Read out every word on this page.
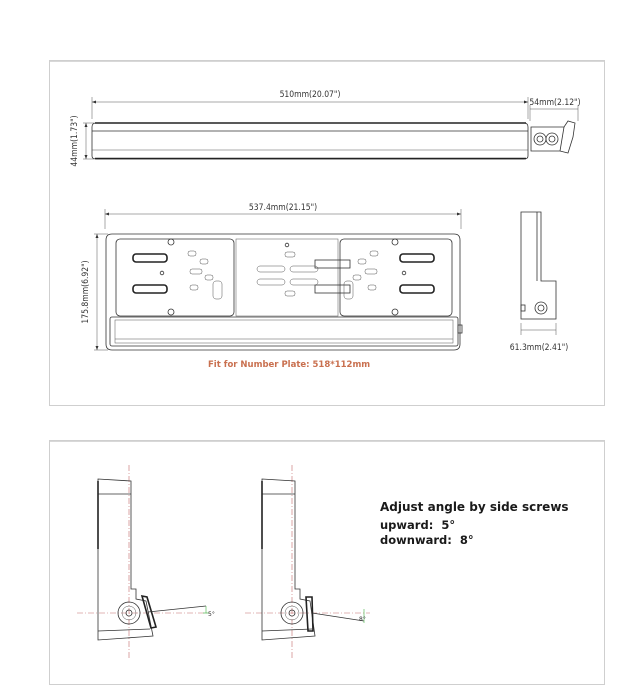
510mm(20.07")
44mm(1.73")
54mm(2.12")
537.4mm(21.15")
175.8mm(6.92")
61.3mm(2.41")
Fit for Number Plate: 518*112mm
5°
8°
Adjust angle by side screws
upward: 5°
downward: 8°
